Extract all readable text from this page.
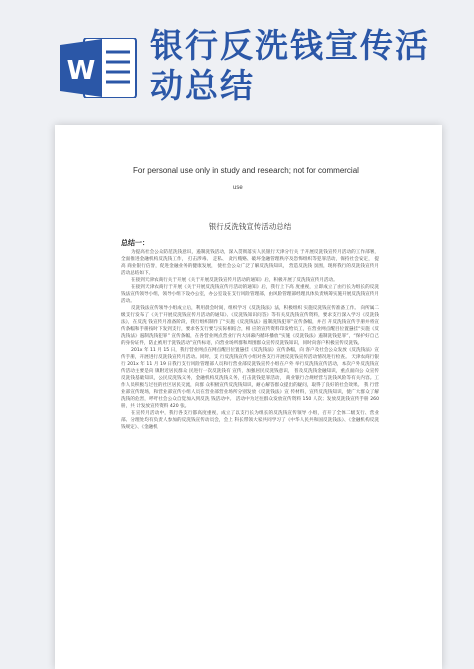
W
银行反洗钱宣传活
动总结
For personal use only in study and research; not for commercial
use
银行反洗钱宣传活动总结
总结一：

为提高社会公众防范洗钱意识，遏制洗钱活动，深入贯彻落实人民银行天津分行关 于开展反洗钱宣传月活动的工作部署， 全面推进金融机构反洗钱工作， 打击涉毒、 走私、 贪污贿赂、破坏金融管理秩序及恐怖组织等犯罪活动，保持社会安定， 提高 商业银行信誉，促进金融业务的健康发展， 使社会公众广泛了解反洗钱知识， 营造反洗钱 氛围，现将我行的反洗钱宣传月活动总结如下。

在接到天津农商行关于开展《关于开展反洗钱宣传月活动的通知》后，积极开展了反洗钱宣传月活动。

在接到天津农商行于开展《关于开展反洗钱宣传月活动的通知》后，我行上下高 度重视，立即成立了由行长为组长的反洗钱法宣传领导小组，领导小组下设办公室，办公室设在支行风险管理部，由风险管理部经理具体负责统筹实施开展反洗钱宣传月活动。

反洗钱法宣传领导小组成立后，利用晨会时间，组织学习《反洗钱法》法，积极组织 实施反洗钱宣传准备工作。 向所属二级支行发布了《关于开展反洗钱宣传月活动的通知》、《反洗钱知识问答》等有关反洗钱宣传资料，要求支行深入学习《反洗钱法》，在反洗 钱宣传月准备阶段，我行组织制作了“实施《反洗钱法》遏制洗钱犯罪”宣传条幅，并召 开反洗钱宣传手册并将宣传条幅和手册按时下发到支行，要求各支行要与实际相结合，相 应的宣传资料印发给员工，在营业网点醒目位置悬挂“实施《反洗钱法》遏制洗钱犯罪” 宣传条幅，在各营业网点营业厅内大屏幕内循环播放“实施《反洗钱法》遏制洗钱犯罪”，“保护好自己的身份证件，防止被用于洗钱活动”宣传标语，向营业场所群和周围群众宣传反洗钱知识，同时向客户积极宣传反洗钱。

201x 年 11 月 15 日，我行营业网点在网点醒目位置悬挂《反洗钱法》宣传条幅，向 客户及社会公众发放《反洗钱法》宣传手册，开展进行反洗钱宣传月活动。同时，支 行反洗钱宣传小组对各支行开展反洗钱宣传活动情况进行检查。 天津农商行银行 201x 年 11 月 19 日我行支行风险管理部人员和行营业部反洗钱宣传小组在户外 举行反洗钱宣传活动，本次户外反洗钱宣传活动主要是向 镇附近居民群众 民进行一次反洗钱有 宣传，加强居民反洗钱意识， 普及反洗钱金融知识，重点面向公 众宣传反洗钱基础知识，公民反洗钱义务，金融机构反洗钱义务，打击洗钱犯罪活动， 商业银行合规经营与洗钱风险等有关内容。工作人员积极与过往的社区居民交流，向群 众积极宣传反洗钱知识，耐心解答群众提出的疑问，取得了良好的社会效果。 我 行营业部宣传现场，和营业部宣传小组人员在营业部营业场所分别发放《反洗钱法》宣 传材料，宣传反洗钱知识，使广大群众了解洗钱的危害，呼吁社会公众自觉加入到反洗 钱活动中。 活动中为过往群众发放宣传资料 150 人次；发放反洗钱宣传手册 260 册，共 计发放宣传资料 420 张。

在宣传月活动中，我行各支行都高度重视，成立了以支行长为组长的反洗钱宣传领导 小组，召开了全体二级支行、营业部、分理处均有负责人参加的反洗钱宣传动员会，会上 科长带领大家共同学习了《中华人民共和国反洗钱法》、《金融机构反洗钱规定》、《金融机
